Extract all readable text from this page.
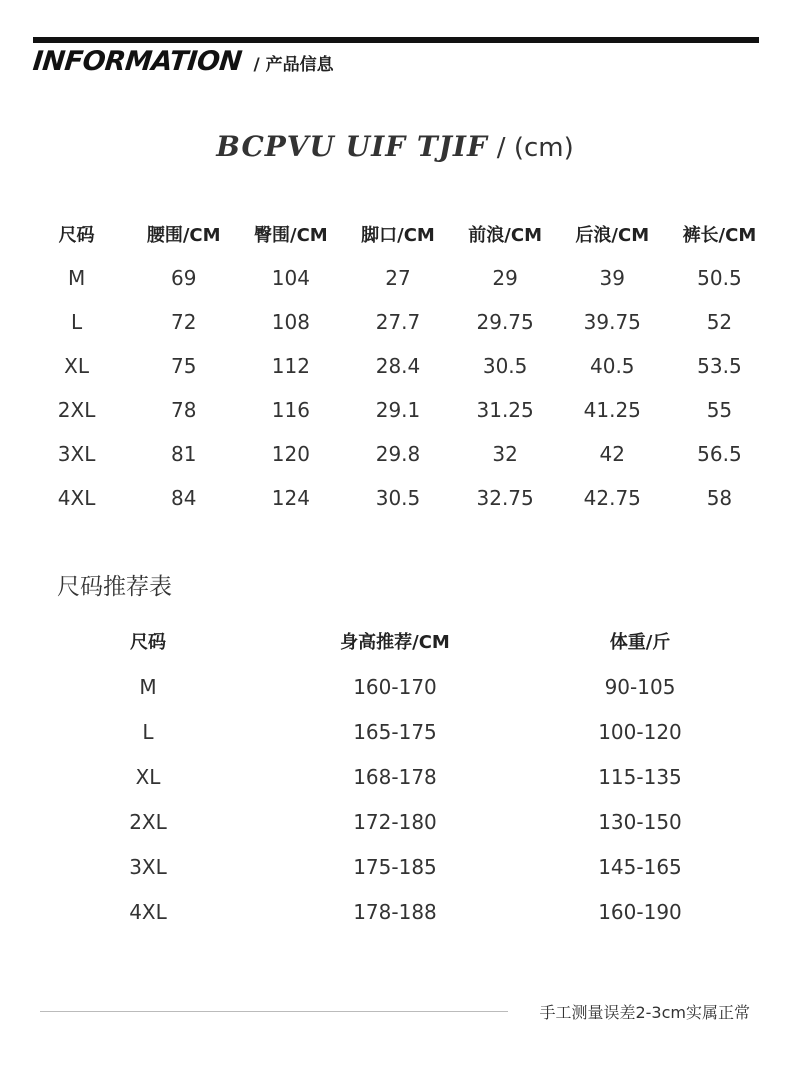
INFORMATION / 产品信息
BCPVU UIF TJIF / (cm)
尺码	腰围/CM	臀围/CM	脚口/CM	前浪/CM	后浪/CM	裤长/CM
M	69	104	27	29	39	50.5
L	72	108	27.7	29.75	39.75	52
XL	75	112	28.4	30.5	40.5	53.5
2XL	78	116	29.1	31.25	41.25	55
3XL	81	120	29.8	32	42	56.5
4XL	84	124	30.5	32.75	42.75	58
尺码推荐表
尺码	身高推荐/CM	体重/斤
M	160-170	90-105
L	165-175	100-120
XL	168-178	115-135
2XL	172-180	130-150
3XL	175-185	145-165
4XL	178-188	160-190
手工测量误差2-3cm实属正常
